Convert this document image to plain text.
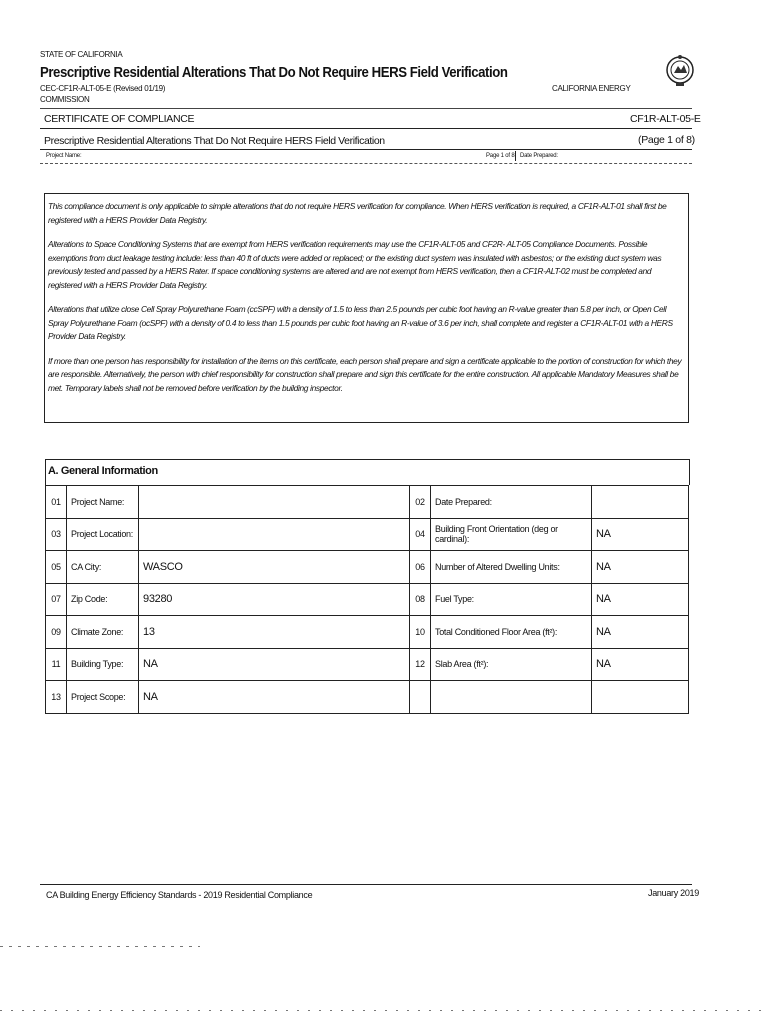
STATE OF CALIFORNIA
Prescriptive Residential Alterations That Do Not Require HERS Field Verification
CEC-CF1R-ALT-05-E (Revised 01/19)
COMMISSION
CALIFORNIA ENERGY
CERTIFICATE OF COMPLIANCE	CF1R-ALT-05-E
Prescriptive Residential Alterations That Do Not Require HERS Field Verification	(Page 1 of 8)
Project Name:	Page 1 of 8 Date Prepared:

This compliance document is only applicable to simple alterations that do not require HERS verification for compliance. When HERS verification is required, a CF1R-ALT-01 shall first be registered with a HERS Provider Data Registry.

Alterations to Space Conditioning Systems that are exempt from HERS verification requirements may use the CF1R-ALT-05 and CF2R- ALT-05 Compliance Documents. Possible exemptions from duct leakage testing include: less than 40 ft of ducts were added or replaced; or the existing duct system was insulated with asbestos; or the existing duct system was previously tested and passed by a HERS Rater. If space conditioning systems are altered and are not exempt from HERS verification, then a CF1R-ALT-02 must be completed and registered with a HERS Provider Data Registry.

Alterations that utilize close Cell Spray Polyurethane Foam (ccSPF) with a density of 1.5 to less than 2.5 pounds per cubic foot having an R-value greater than 5.8 per inch, or Open Cell Spray Polyurethane Foam (ocSPF) with a density of 0.4 to less than 1.5 pounds per cubic foot having an R-value of 3.6 per inch, shall complete and register a CF1R-ALT-01 with a HERS Provider Data Registry.

If more than one person has responsibility for installation of the items on this certificate, each person shall prepare and sign a certificate applicable to the portion of construction for which they are responsible. Alternatively, the person with chief responsibility for construction shall prepare and sign this certificate for the entire construction. All applicable Mandatory Measures shall be met. Temporary labels shall not be removed before verification by the building inspector.

A. General Information
01	Project Name:		02	Date Prepared:	
03	Project Location:		04	Building Front Orientation (deg or cardinal):	NA
05	CA City:	WASCO	06	Number of Altered Dwelling Units:	NA
07	Zip Code:	93280	08	Fuel Type:	NA
09	Climate Zone:	13	10	Total Conditioned Floor Area (ft²):	NA
11	Building Type:	NA	12	Slab Area (ft²):	NA
13	Project Scope:	NA			
CA Building Energy Efficiency Standards - 2019 Residential Compliance	January 2019
